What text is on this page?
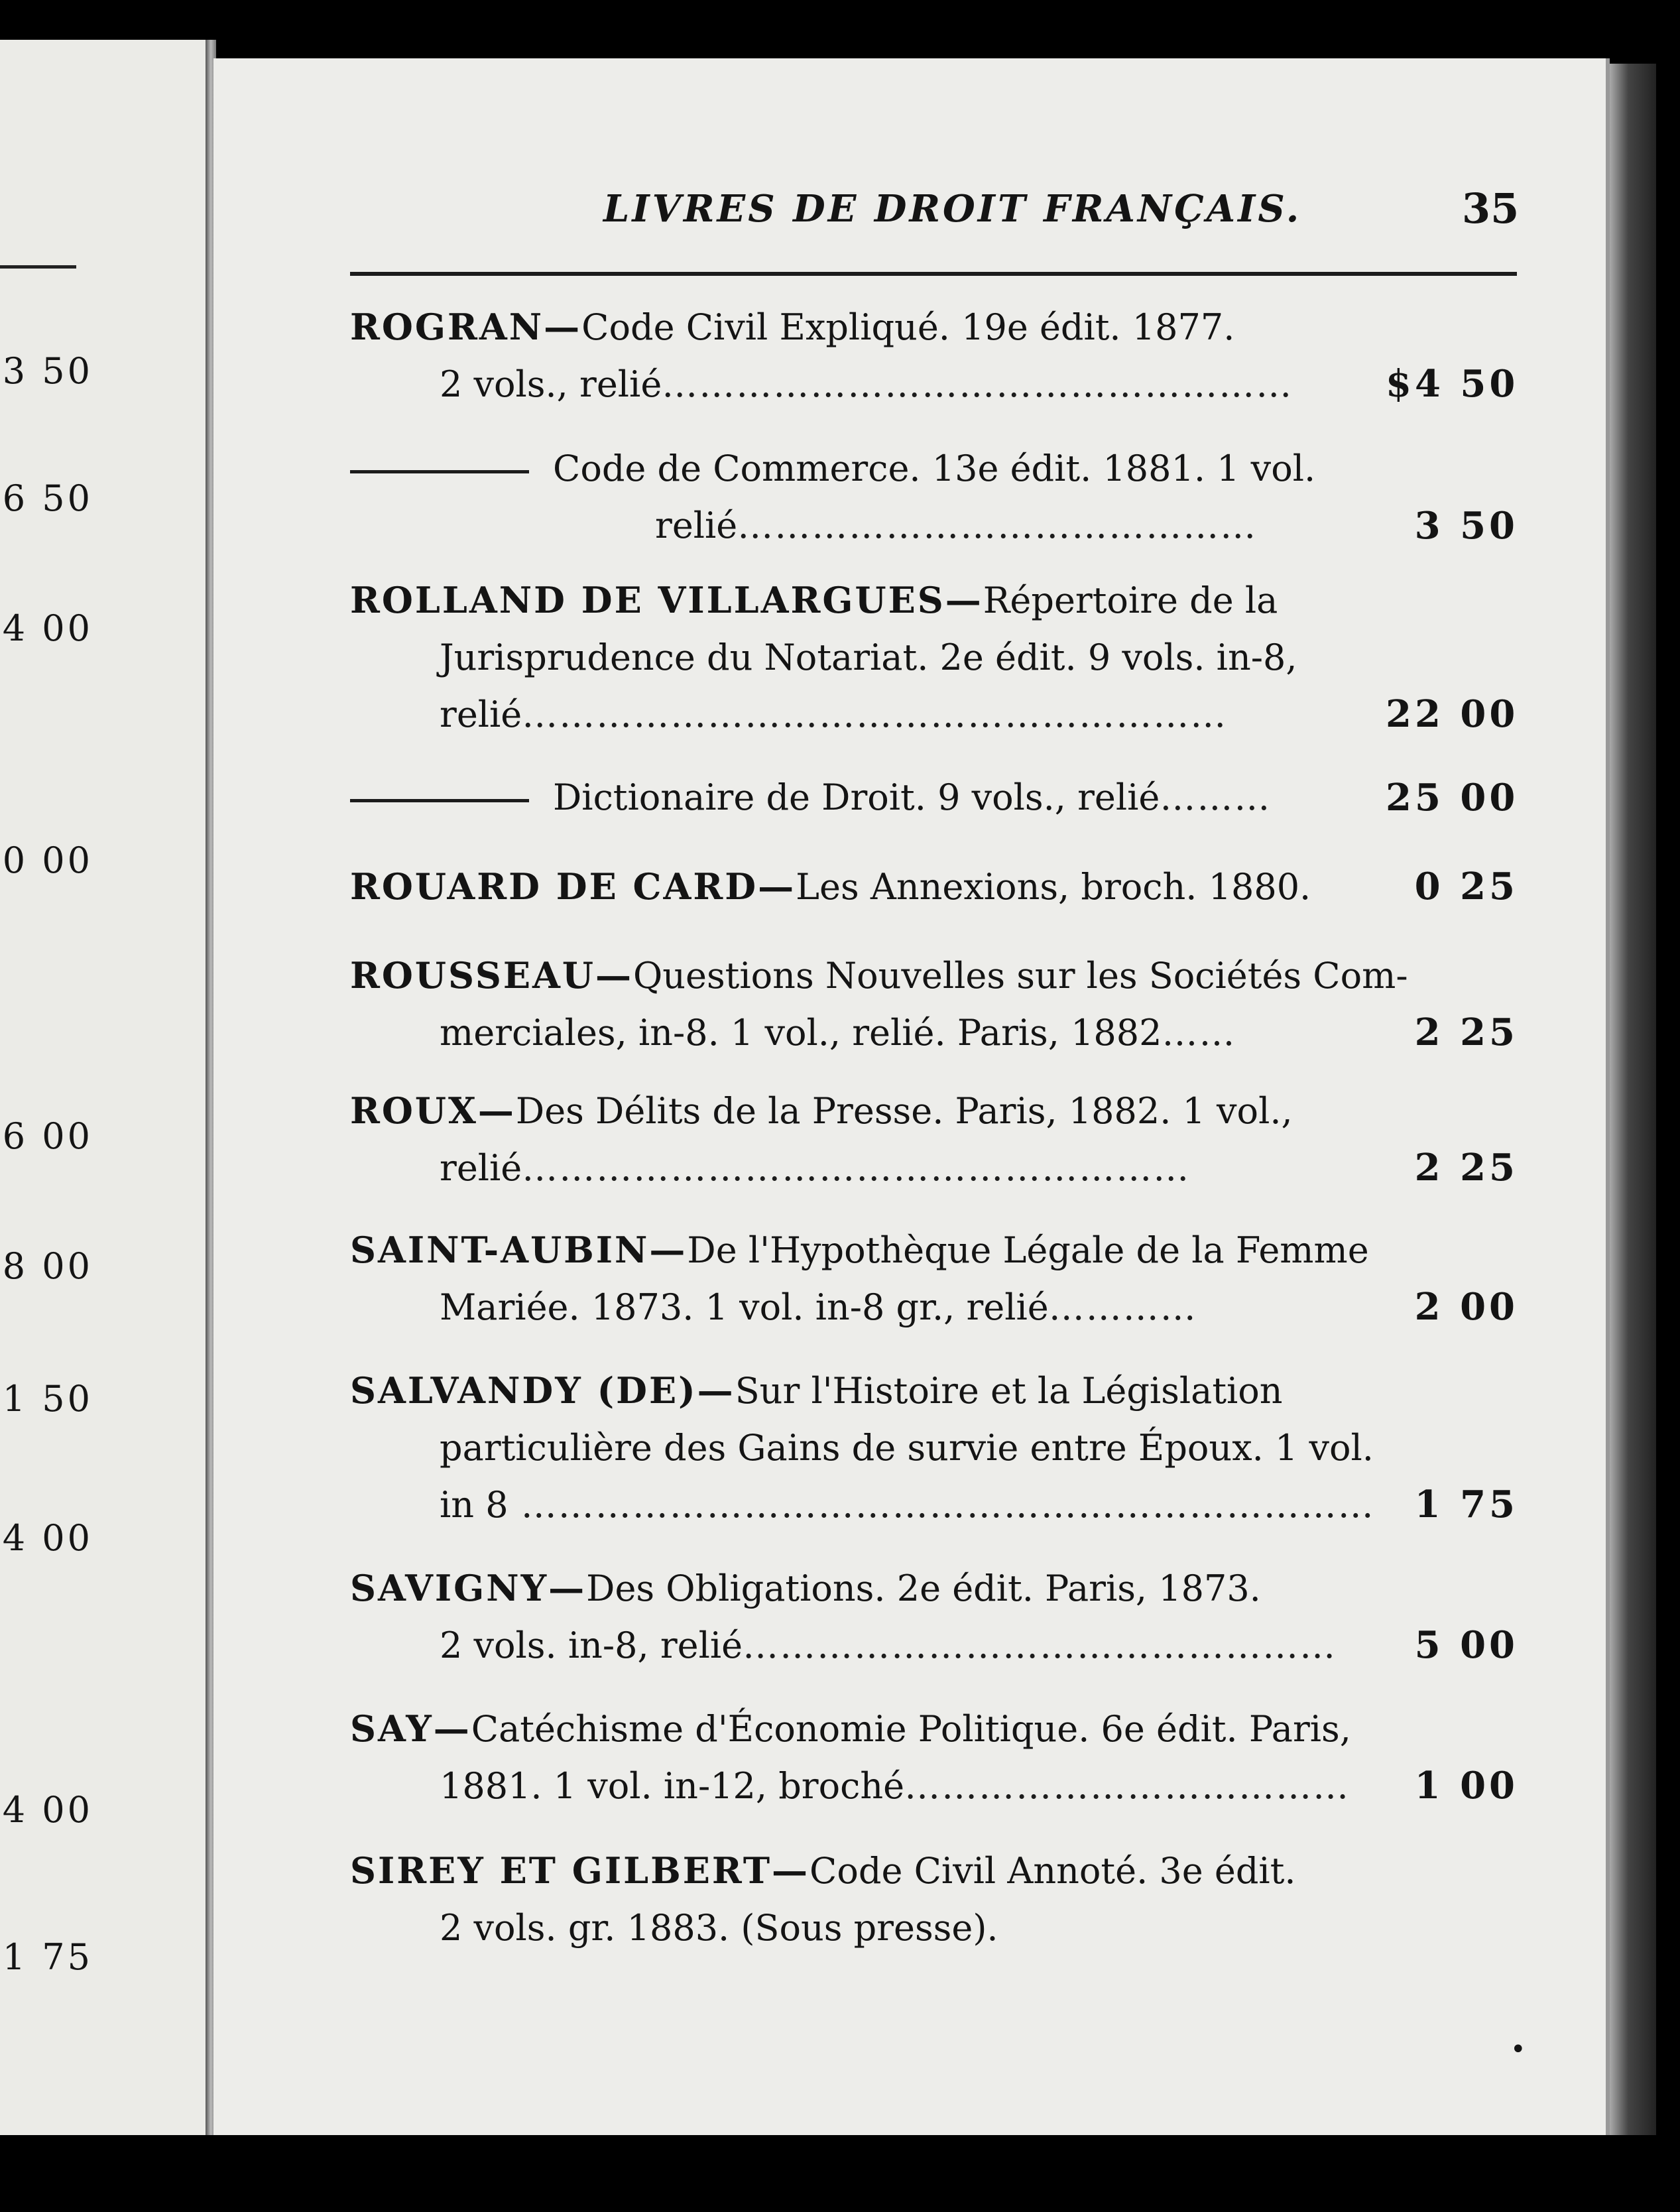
3 50
6 50
4 00
0 00
6 00
8 00
1 50
4 00
4 00
1 75
LIVRES DE DROIT FRANÇAIS.	35
ROGRAN—Code Civil Expliqué. 19e édit. 1877.
2 vols., relié……………………………………………	$4 50
Code de Commerce. 13e édit. 1881. 1 vol.
relié……………………………………	3 50
ROLLAND DE VILLARGUES—Répertoire de la
Jurisprudence du Notariat. 2e édit. 9 vols. in-8,
relié…………………………………………………	22 00
Dictionaire de Droit. 9 vols., relié………	25 00
ROUARD DE CARD—Les Annexions, broch. 1880.	0 25
ROUSSEAU—Questions Nouvelles sur les Sociétés Com-
merciales, in-8. 1 vol., relié. Paris, 1882……	2 25
ROUX—Des Délits de la Presse. Paris, 1882. 1 vol.,
relié………………………………………………	2 25
SAINT-AUBIN—De l'Hypothèque Légale de la Femme
Mariée. 1873. 1 vol. in-8 gr., relié…………	2 00
SALVANDY (DE)—Sur l'Histoire et la Législation
particulière des Gains de survie entre Époux. 1 vol.
in 8 ……………………………………………………………	1 75
SAVIGNY—Des Obligations. 2e édit. Paris, 1873.
2 vols. in-8, relié…………………………………………	5 00
SAY—Catéchisme d'Économie Politique. 6e édit. Paris,
1881. 1 vol. in-12, broché………………………………	1 00
SIREY ET GILBERT—Code Civil Annoté. 3e édit.
2 vols. gr. 1883. (Sous presse).
•
